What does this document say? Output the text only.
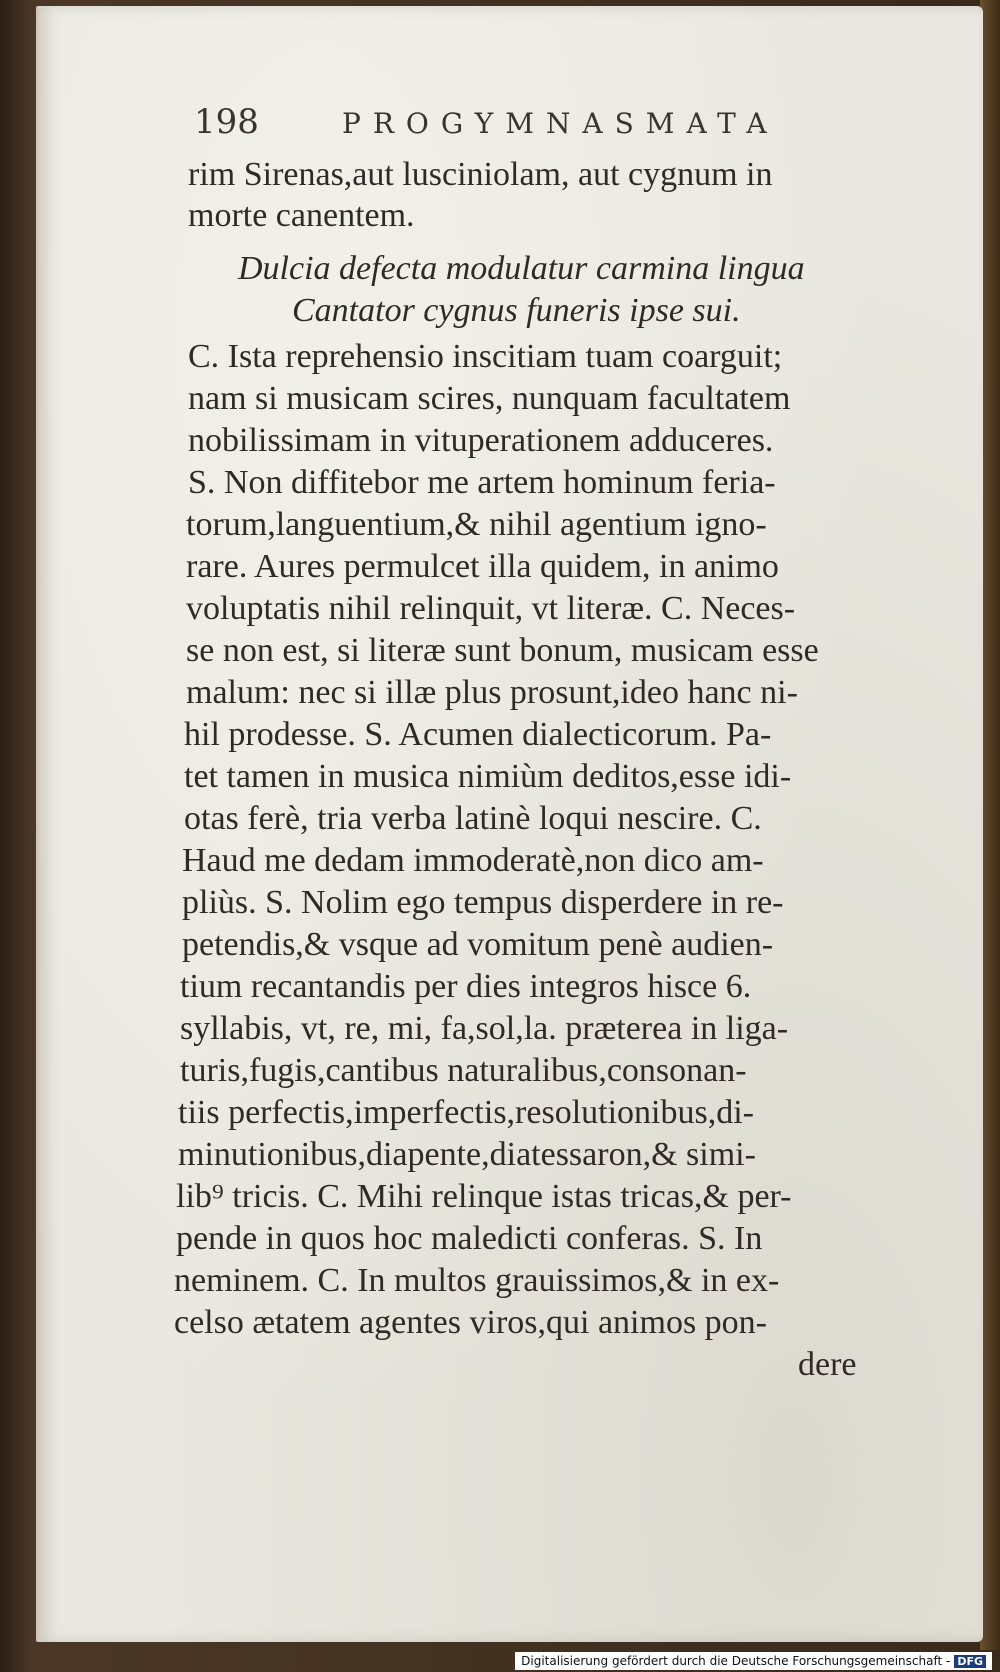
198	PROGYMNASMATA
rim Sirenas,aut lusciniolam, aut cygnum in
morte canentem.
Dulcia defecta modulatur carmina lingua
Cantator cygnus funeris ipse sui.
C. Ista reprehensio inscitiam tuam coarguit;
nam si musicam scires, nunquam facultatem
nobilissimam in vituperationem adduceres.
S. Non diffitebor me artem hominum feria-
torum,languentium,& nihil agentium igno-
rare. Aures permulcet illa quidem, in animo
voluptatis nihil relinquit, vt literæ. C. Neces-
se non est, si literæ sunt bonum, musicam esse
malum: nec si illæ plus prosunt,ideo hanc ni-
hil prodesse. S. Acumen dialecticorum. Pa-
tet tamen in musica nimiùm deditos,esse idi-
otas ferè, tria verba latinè loqui nescire. C.
Haud me dedam immoderatè,non dico am-
pliùs. S. Nolim ego tempus disperdere in re-
petendis,& vsque ad vomitum penè audien-
tium recantandis per dies integros hisce 6.
syllabis, vt, re, mi, fa,sol,la. præterea in liga-
turis,fugis,cantibus naturalibus,consonan-
tiis perfectis,imperfectis,resolutionibus,di-
minutionibus,diapente,diatessaron,& simi-
lib⁹ tricis. C. Mihi relinque istas tricas,& per-
pende in quos hoc maledicti conferas. S. In
neminem. C. In multos grauissimos,& in ex-
celso ætatem agentes viros,qui animos pon-
dere
Digitalisierung gefördert durch die Deutsche Forschungsgemeinschaft - DFG
